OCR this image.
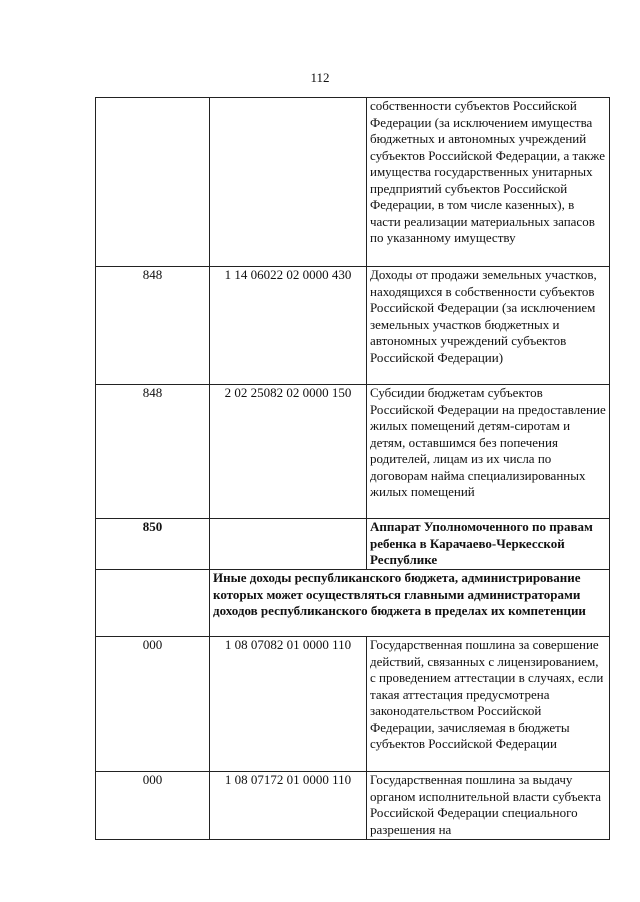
112
		собственности субъектов Российской Федерации (за исключением имущества бюджетных и автономных учреждений субъектов Российской Федерации, а также имущества государственных унитарных предприятий субъектов Российской Федерации, в том числе казенных), в части реализации материальных запасов по указанному имуществу
848	1 14 06022 02 0000 430	Доходы от продажи земельных участков, находящихся в собственности субъектов Российской Федерации (за исключением земельных участков бюджетных и автономных учреждений субъектов Российской Федерации)
848	2 02 25082 02 0000 150	Субсидии бюджетам субъектов Российской Федерации на предоставление жилых помещений детям-сиротам и детям, оставшимся без попечения родителей, лицам из их числа по договорам найма специализированных жилых помещений
850		Аппарат Уполномоченного по правам ребенка в Карачаево-Черкесской Республике
	Иные доходы республиканского бюджета, администрирование которых может осуществляться главными администраторами доходов республиканского бюджета в пределах их компетенции	
000	1 08 07082 01 0000 110	Государственная пошлина за совершение действий, связанных с лицензированием, с проведением аттестации в случаях, если такая аттестация предусмотрена законодательством Российской Федерации, зачисляемая в бюджеты субъектов Российской Федерации
000	1 08 07172 01 0000 110	Государственная пошлина за выдачу органом исполнительной власти субъекта Российской Федерации специального разрешения на
